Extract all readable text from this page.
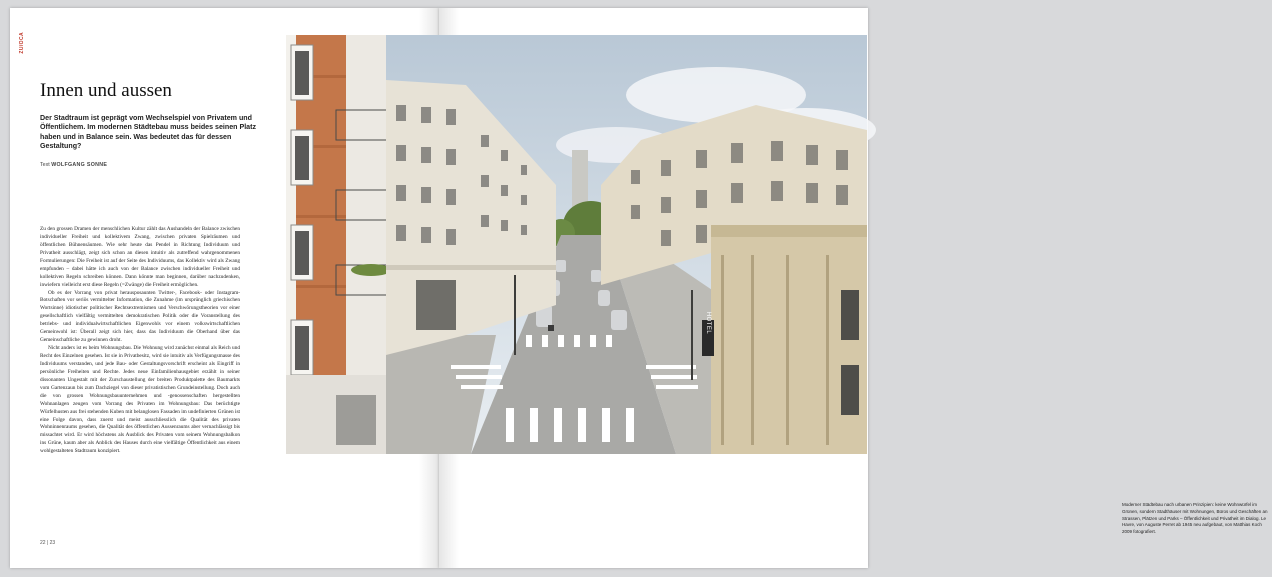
ZU/OCA
Innen und aussen

Der Stadtraum ist geprägt vom Wechselspiel von Privatem und Öffentlichem. Im modernen Städtebau muss beides seinen Platz haben und in Balance sein. Was bedeutet das für dessen Gestaltung?

Text WOLFGANG SONNE

Zu den grossen Dramen der menschlichen Kultur zählt das Aushandeln der Balance zwischen individueller Freiheit und kollektivem Zwang, zwischen privaten Spielräumen und öffentlichen Bühnensäumen. Wie sehr heute das Pendel in Richtung Individuum und Privatheit ausschlägt, zeigt sich schon an diesen intuitiv als zutreffend wahrgenommenen Formulierungen: Die Freiheit ist auf der Seite des Individuums, das Kollektiv wird als Zwang empfunden – dabei hätte ich auch von der Balance zwischen individueller Freiheit und kollektiven Regeln schreiben können. Dann könnte man beginnen, darüber nachzudenken, inwiefern vielleicht erst diese Regeln (=Zwänge) die Freiheit ermöglichen.

Ob es der Vorrang von privat herausposaunten Twitter-, Facebook- oder Instagram-Botschaften vor seriös vermittelter Information, die Zunahme (im ursprünglich griechischen Wortsinne) idiotischer politischer Rechtsextremismen und Verschwörungstheorien vor einer gesellschaftlich vielfältig vermittelten demokratischen Politik oder die Voranstellung des betriebs- und individualwirtschaftlichen Eigenwohls vor einem volkswirtschaftlichen Gemeinwohl ist: Überall zeigt sich hier, dass das Individuum die Oberhand über das Gemeinschaftliche zu gewinnen droht.

Nicht anders ist es beim Wohnungsbau. Die Wohnung wird zunächst einmal als Reich und Recht des Einzelnen gesehen. Ist sie in Privatbesitz, wird sie intuitiv als Verfügungsmasse des Individuums verstanden, und jede Bau- oder Gestaltungsvorschrift erscheint als Eingriff in persönliche Freiheiten und Rechte. Jedes neue Einfamilienhausgebiet erzählt in seiner dissonanten Ungestalt mit der Zurschaustellung der breiten Produktpalette des Baumarkts vom Gartenzaun bis zum Dachziegel von dieser privatistischen Grundeinstellung. Doch auch die von grossen Wohnungsbauunternehmen und -genossenschaften hergestellten Wohnanlagen zeugen vom Vorrang des Privaten im Wohnungsbau: Das berüchtigte Würfelhusten aus frei stehenden Kuben mit belanglosen Fassaden im undefinierten Grünen ist eine Folge davon, dass zuerst und meist ausschliesslich die Qualität des privaten Wohninnenraums gesehen, die Qualität des öffentlichen Aussenraums aber vernachlässigt bis missachtet wird. Er wird höchstens als Ausblick des Privaten vom seinem Wohnungsbalkon ins Grüne, kaum aber als Anblick des Hauses durch eine vielfältige Öffentlichkeit aus einem wohlgestalteten Stadtraum konzipiert.

22 | 23
Moderner Städtebau nach urbanen Prinzipien: keine Wohnwürfel im Grünen, sondern Stadthäuser mit Wohnungen, Büros und Geschäften an Strassen, Plätzen und Parks – Öffentlichkeit und Privatheit im Dialog. Le Havre, von Auguste Perret ab 1945 neu aufgebaut, von Matthias Koch 2009 fotografiert.
HOTEL
